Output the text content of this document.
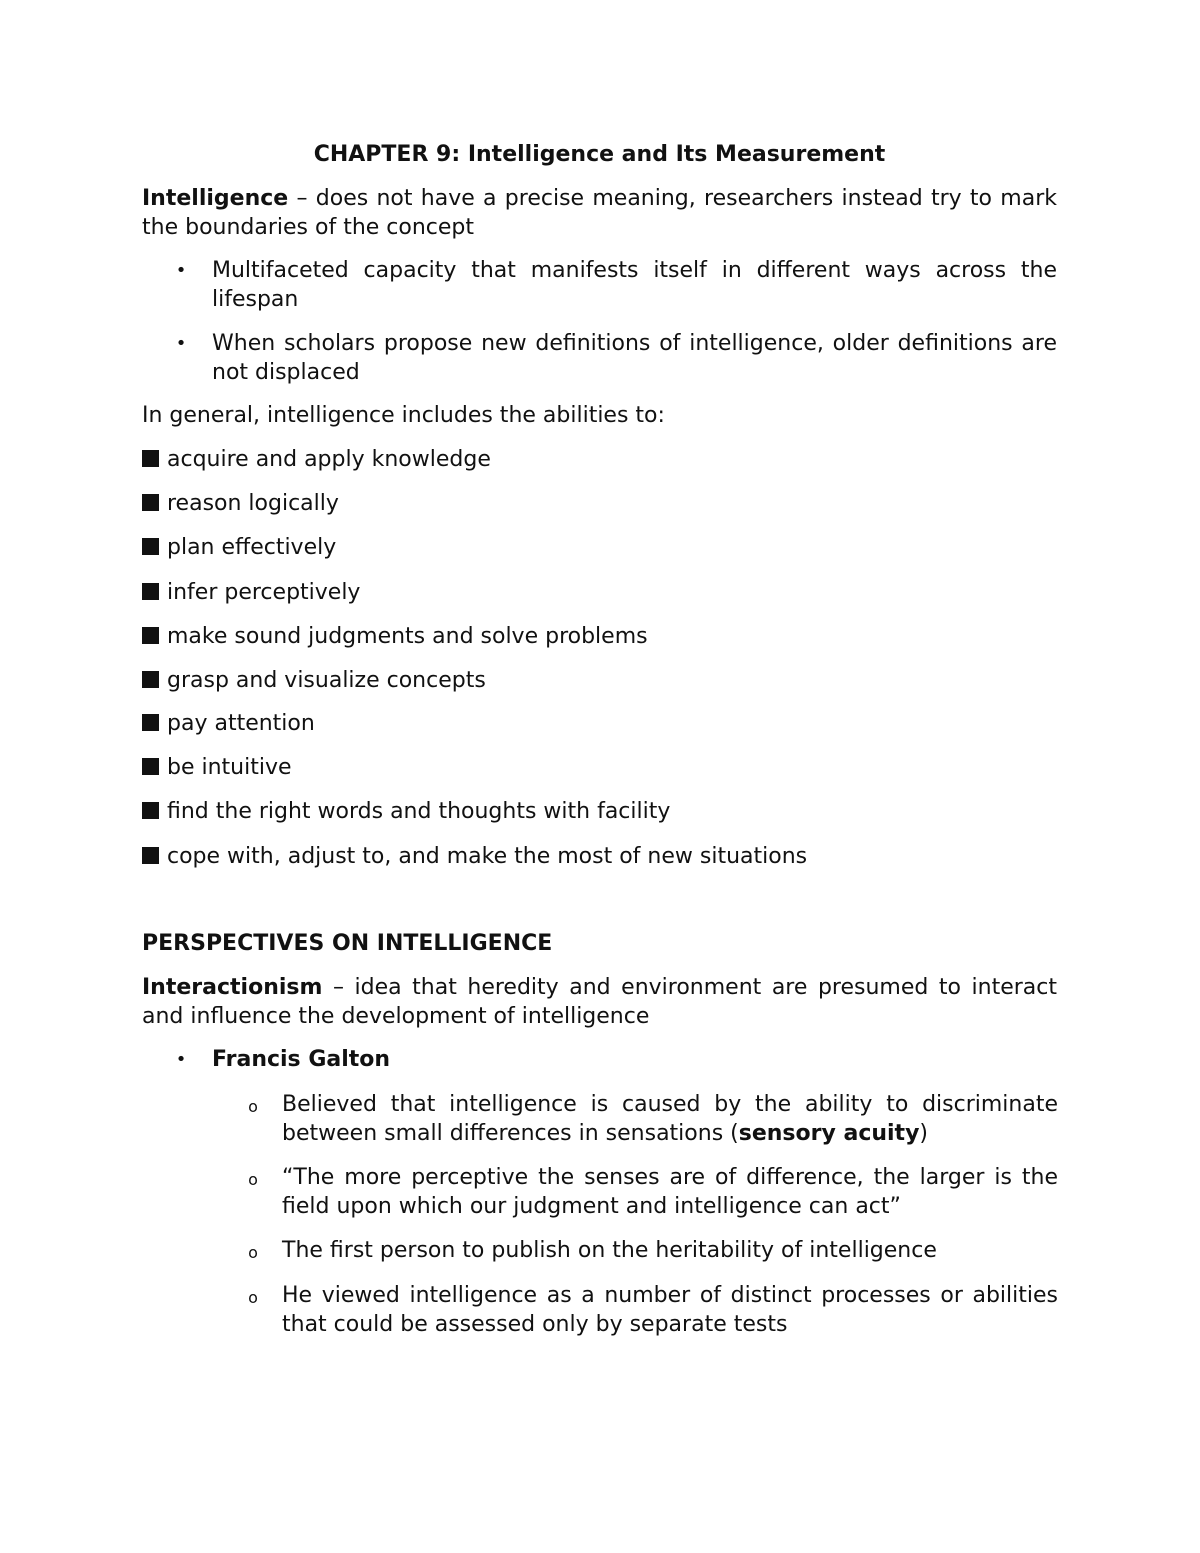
CHAPTER 9: Intelligence and Its Measurement
Intelligence – does not have a precise meaning, researchers instead try to mark the boundaries of the concept
• Multifaceted capacity that manifests itself in different ways across the lifespan
• When scholars propose new definitions of intelligence, older definitions are not displaced
In general, intelligence includes the abilities to:
acquire and apply knowledge
reason logically
plan effectively
infer perceptively
make sound judgments and solve problems
grasp and visualize concepts
pay attention
be intuitive
find the right words and thoughts with facility
cope with, adjust to, and make the most of new situations
PERSPECTIVES ON INTELLIGENCE
Interactionism – idea that heredity and environment are presumed to interact and influence the development of intelligence
• Francis Galton
o Believed that intelligence is caused by the ability to discriminate between small differences in sensations (sensory acuity)
o “The more perceptive the senses are of difference, the larger is the field upon which our judgment and intelligence can act”
o The first person to publish on the heritability of intelligence
o He viewed intelligence as a number of distinct processes or abilities that could be assessed only by separate tests
